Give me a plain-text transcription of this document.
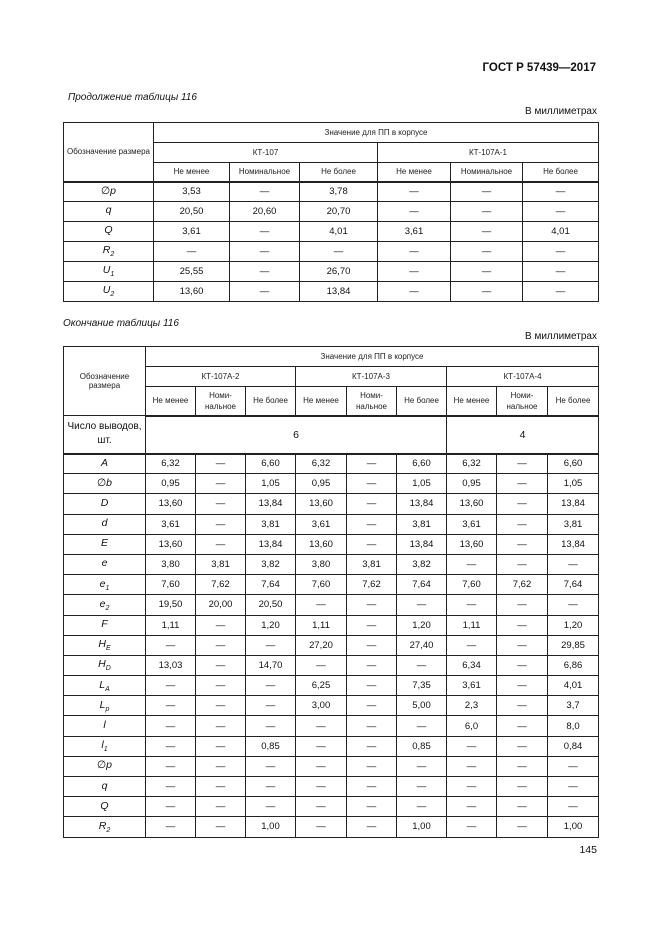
ГОСТ Р 57439—2017
Продолжение таблицы 116
В миллиметрах
Обозначение размера	Значение для ПП в корпусе					
	КТ-107			КТ-107А-1		
	Не менее	Номинальное	Не более	Не менее	Номинальное	Не более
∅p	3,53	—	3,78	—	—	—
q	20,50	20,60	20,70	—	—	—
Q	3,61	—	4,01	3,61	—	4,01
$R_2$	—	—	—	—	—	—
$U_1$	25,55	—	26,70	—	—	—
$U_2$	13,60	—	13,84	—	—	—
Окончание таблицы 116
В миллиметрах
Обозначение размера	Значение для ПП в корпусе								
	КТ-107А-2			КТ-107А-3			КТ-107А-4		
	Не менее	Номи-нальное	Не более	Не менее	Номи-нальное	Не более	Не менее	Номи-нальное	Не более
Число выводов, шт.	6						4		
A	6,32	—	6,60	6,32	—	6,60	6,32	—	6,60
∅b	0,95	—	1,05	0,95	—	1,05	0,95	—	1,05
D	13,60	—	13,84	13,60	—	13,84	13,60	—	13,84
d	3,61	—	3,81	3,61	—	3,81	3,61	—	3,81
E	13,60	—	13,84	13,60	—	13,84	13,60	—	13,84
e	3,80	3,81	3,82	3,80	3,81	3,82	—	—	—
$e_1$	7,60	7,62	7,64	7,60	7,62	7,64	7,60	7,62	7,64
$e_2$	19,50	20,00	20,50	—	—	—	—	—	—
F	1,11	—	1,20	1,11	—	1,20	1,11	—	1,20
$H_E$	—	—	—	27,20	—	27,40	—	—	29,85
$H_D$	13,03	—	14,70	—	—	—	6,34	—	6,86
$L_A$	—	—	—	6,25	—	7,35	3,61	—	4,01
$L_p$	—	—	—	3,00	—	5,00	2,3	—	3,7
l	—	—	—	—	—	—	6,0	—	8,0
$l_1$	—	—	0,85	—	—	0,85	—	—	0,84
∅p	—	—	—	—	—	—	—	—	—
q	—	—	—	—	—	—	—	—	—
Q	—	—	—	—	—	—	—	—	—
$R_2$	—	—	1,00	—	—	1,00	—	—	1,00
145
